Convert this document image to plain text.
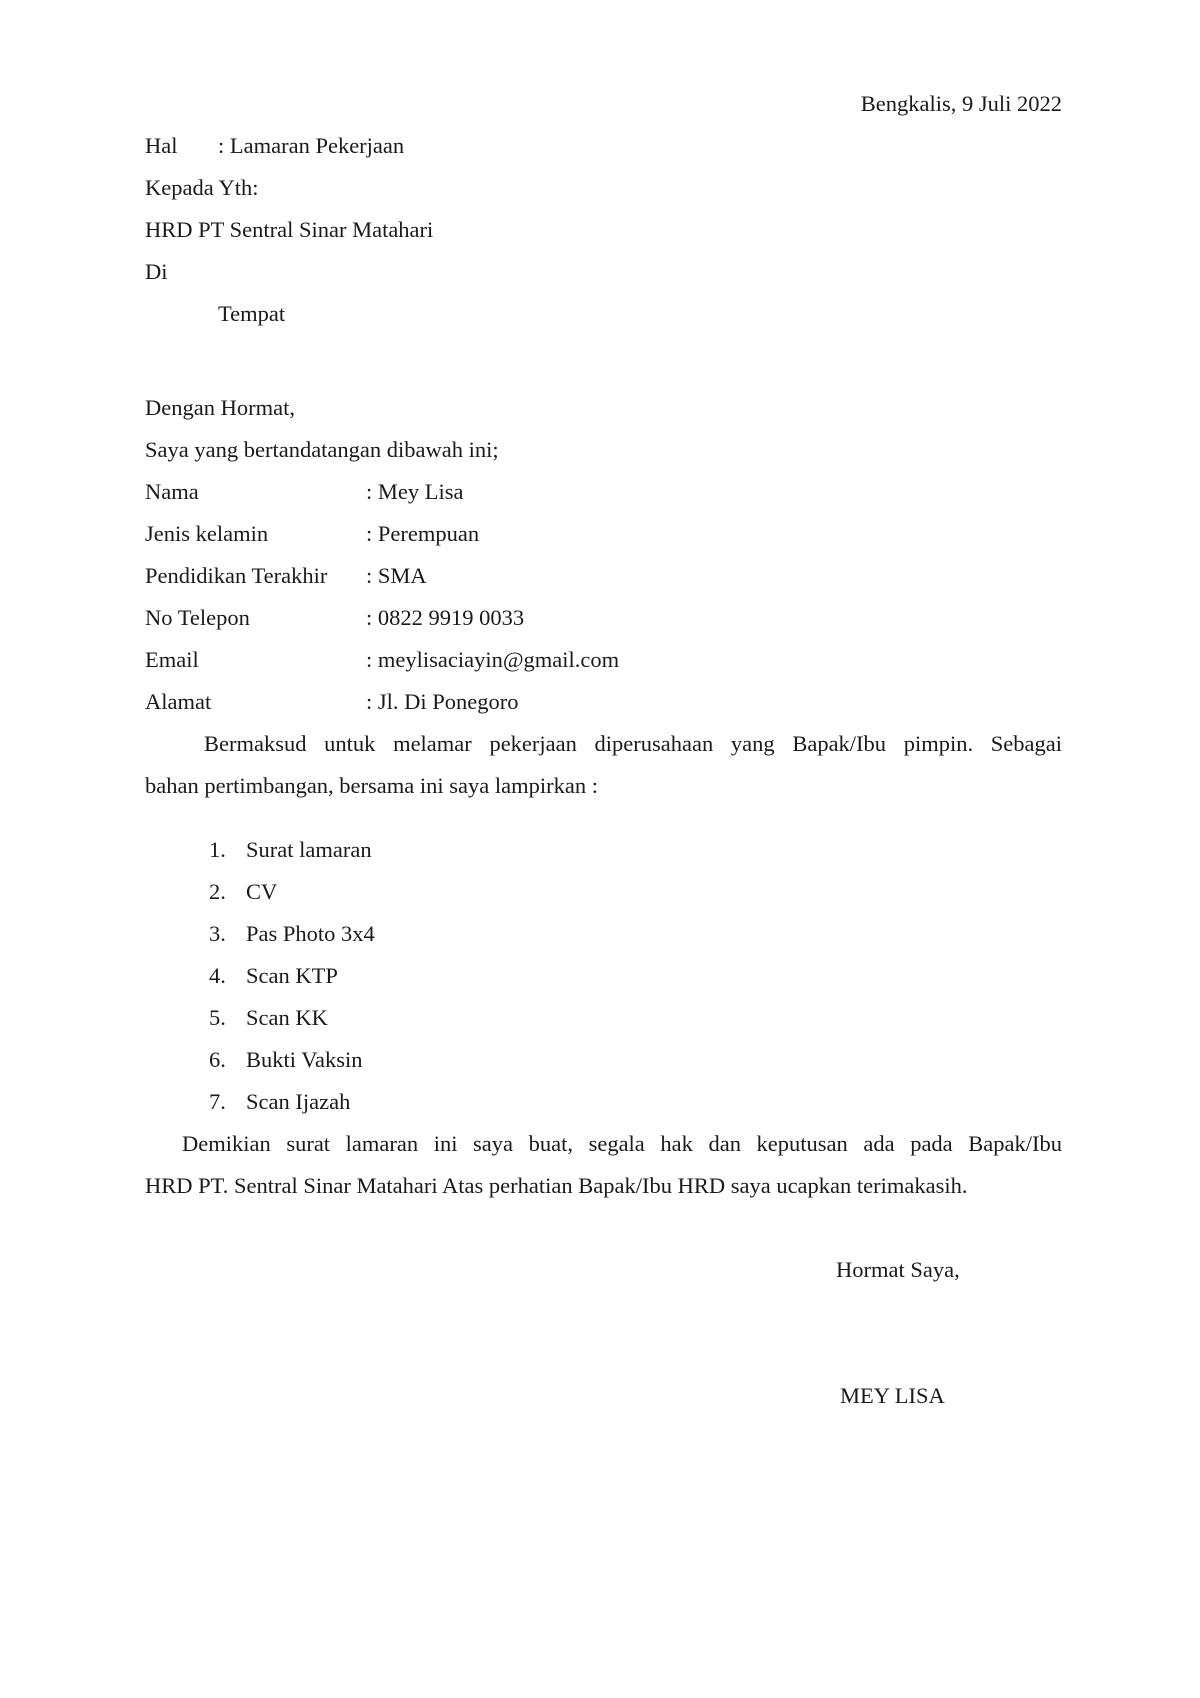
Bengkalis, 9 Juli 2022
Hal : Lamaran Pekerjaan
Kepada Yth:
HRD PT Sentral Sinar Matahari
Di
Tempat
Dengan Hormat,
Saya yang bertandatangan dibawah ini;
Nama	: Mey Lisa
Jenis kelamin	: Perempuan
Pendidikan Terakhir : SMA
No Telepon	: 0822 9919 0033
Email	: meylisaciayin@gmail.com
Alamat	: Jl. Di Ponegoro
Bermaksud untuk melamar pekerjaan diperusahaan yang Bapak/Ibu pimpin. Sebagai
bahan pertimbangan, bersama ini saya lampirkan :
1. Surat lamaran
2. CV
3. Pas Photo 3x4
4. Scan KTP
5. Scan KK
6. Bukti Vaksin
7. Scan Ijazah
Demikian surat lamaran ini saya buat, segala hak dan keputusan ada pada Bapak/Ibu
HRD PT. Sentral Sinar Matahari Atas perhatian Bapak/Ibu HRD saya ucapkan terimakasih.
Hormat Saya,
MEY LISA
